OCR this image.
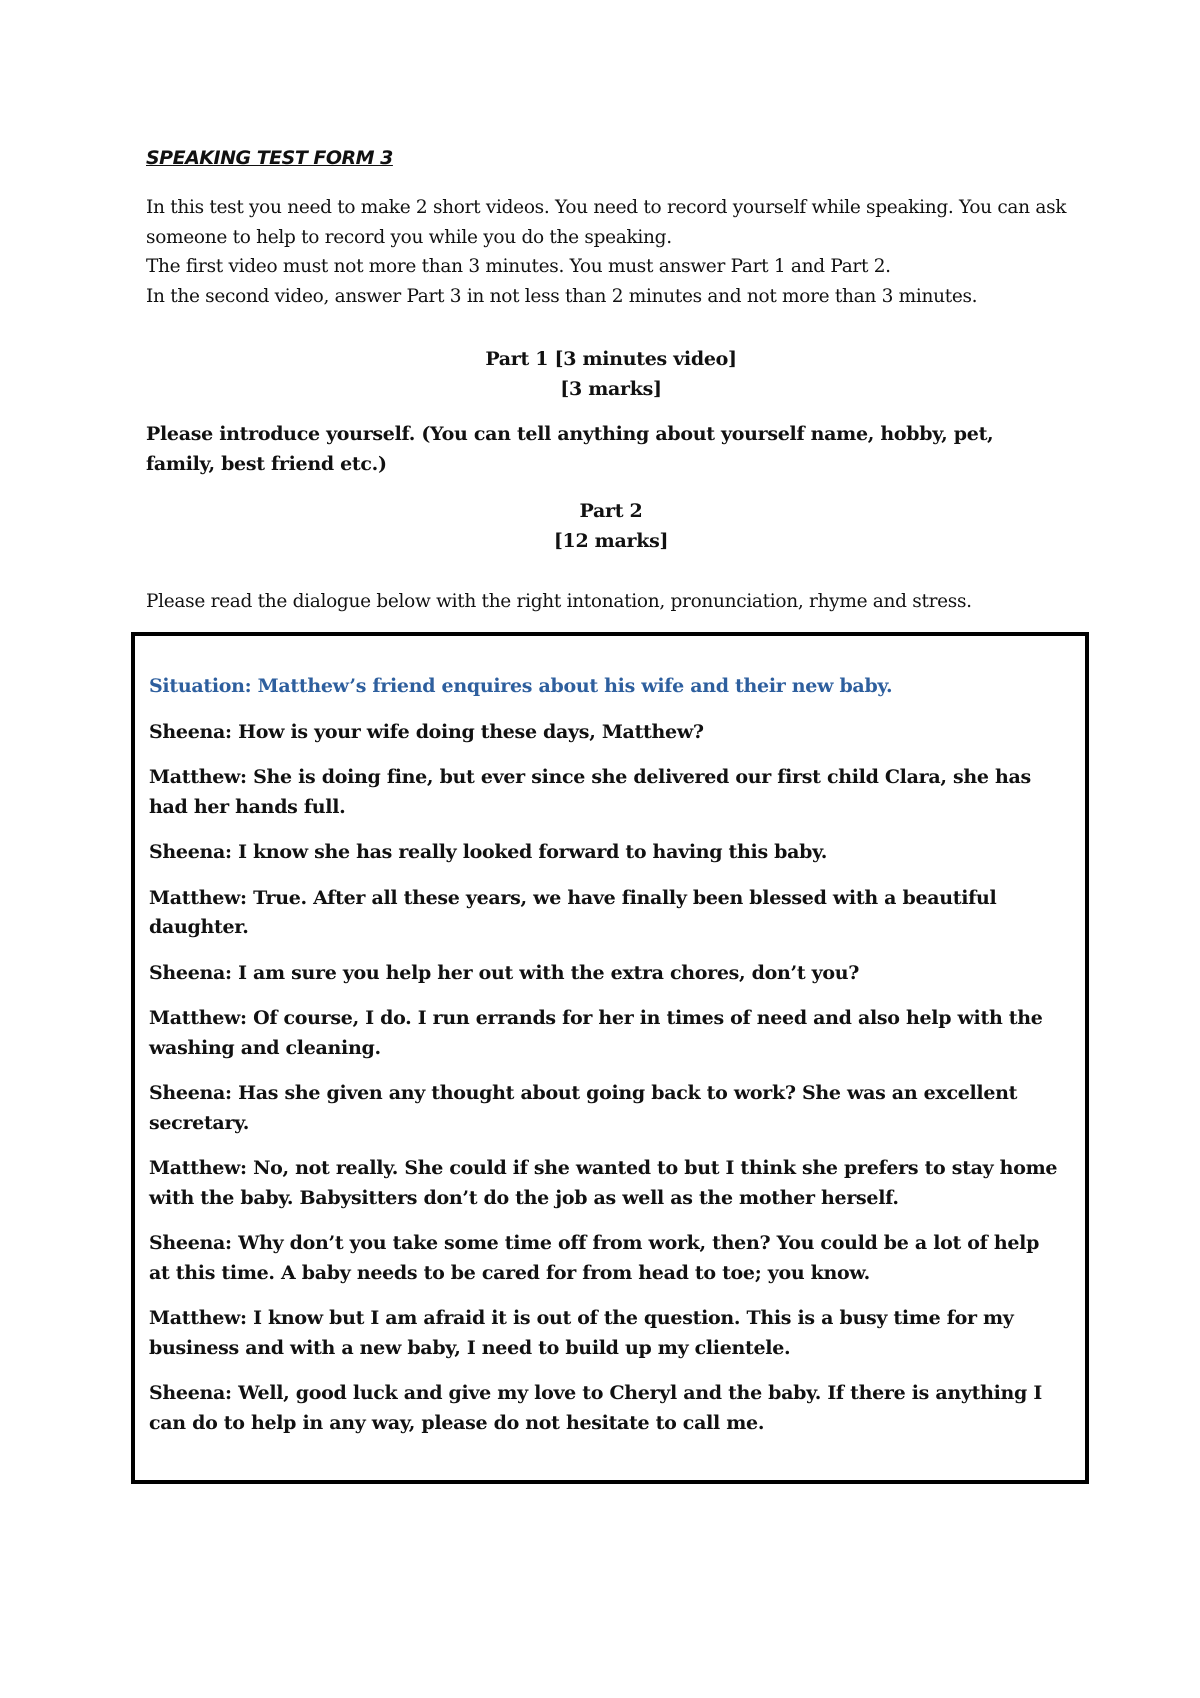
SPEAKING TEST FORM 3

In this test you need to make 2 short videos. You need to record yourself while speaking. You can ask someone to help to record you while you do the speaking.

The first video must not more than 3 minutes. You must answer Part 1 and Part 2.

In the second video, answer Part 3 in not less than 2 minutes and not more than 3 minutes.

Part 1 [3 minutes video]

[3 marks]

Please introduce yourself. (You can tell anything about yourself name, hobby, pet, family, best friend etc.)

Part 2

[12 marks]

Please read the dialogue below with the right intonation, pronunciation, rhyme and stress.

Situation: Matthew’s friend enquires about his wife and their new baby.

Sheena: How is your wife doing these days, Matthew?

Matthew: She is doing fine, but ever since she delivered our first child Clara, she has had her hands full.

Sheena: I know she has really looked forward to having this baby.

Matthew: True. After all these years, we have finally been blessed with a beautiful daughter.

Sheena: I am sure you help her out with the extra chores, don’t you?

Matthew: Of course, I do. I run errands for her in times of need and also help with the washing and cleaning.

Sheena: Has she given any thought about going back to work? She was an excellent secretary.

Matthew: No, not really. She could if she wanted to but I think she prefers to stay home with the baby. Babysitters don’t do the job as well as the mother herself.

Sheena: Why don’t you take some time off from work, then? You could be a lot of help at this time. A baby needs to be cared for from head to toe; you know.

Matthew: I know but I am afraid it is out of the question. This is a busy time for my business and with a new baby, I need to build up my clientele.

Sheena: Well, good luck and give my love to Cheryl and the baby. If there is anything I can do to help in any way, please do not hesitate to call me.
